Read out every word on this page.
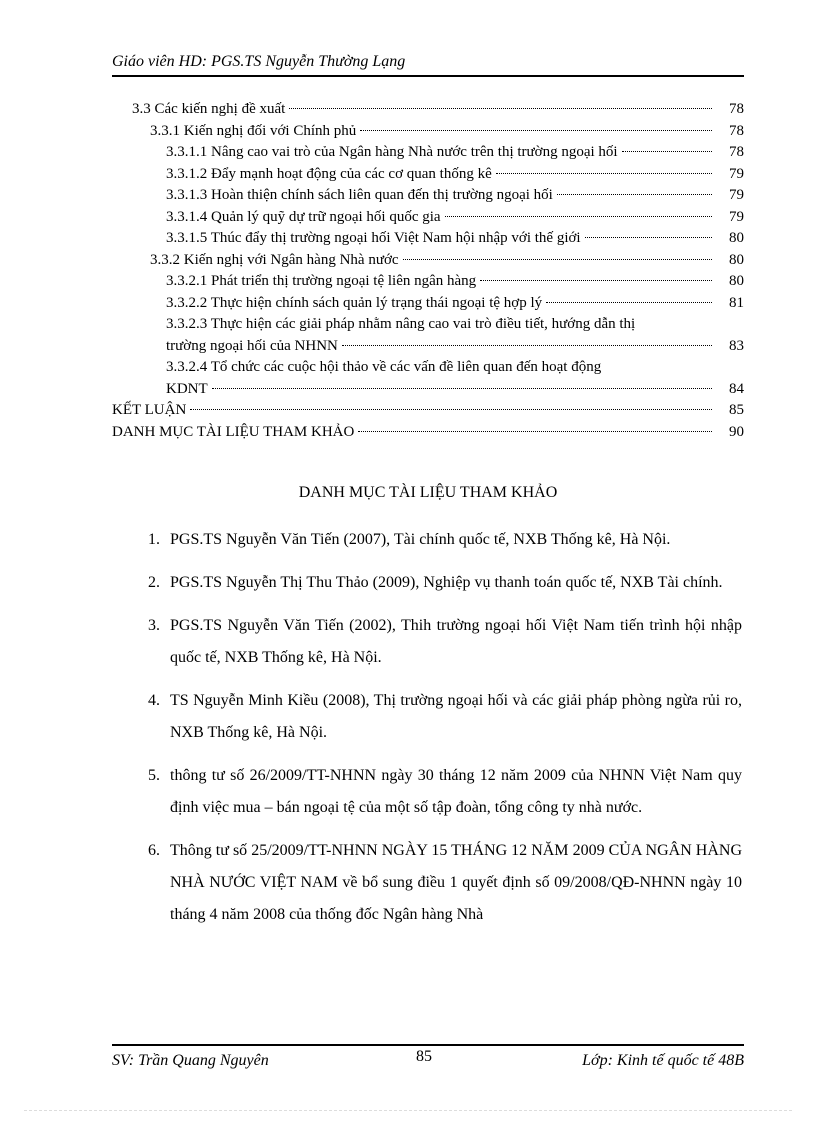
Giáo viên HD: PGS.TS Nguyễn Thường Lạng
3.3 Các kiến nghị đề xuất	78
3.3.1 Kiến nghị đối với Chính phủ	78
3.3.1.1 Nâng cao vai trò của Ngân hàng Nhà nước trên thị trường ngoại hối	78
3.3.1.2 Đẩy mạnh hoạt động của các cơ quan thống kê	79
3.3.1.3 Hoàn thiện chính sách liên quan đến thị trường ngoại hối	79
3.3.1.4 Quản lý quỹ dự trữ ngoại hối quốc gia	79
3.3.1.5 Thúc đẩy thị trường ngoại hối Việt Nam hội nhập với thế giới	80
3.3.2 Kiến nghị với Ngân hàng Nhà nước	80
3.3.2.1 Phát triển thị trường ngoại tệ liên ngân hàng	80
3.3.2.2 Thực hiện chính sách quản lý trạng thái ngoại tệ hợp lý	81
3.3.2.3 Thực hiện các giải pháp nhằm nâng cao vai trò điều tiết, hướng dẫn thị
trường ngoại hối của NHNN	83
3.3.2.4 Tổ chức các cuộc hội thảo về các vấn đề liên quan đến hoạt động
KDNT	84
KẾT LUẬN	85
DANH MỤC TÀI LIỆU THAM KHẢO	90
DANH MỤC TÀI LIỆU THAM KHẢO
1. PGS.TS Nguyễn Văn Tiến (2007), Tài chính quốc tế, NXB Thống kê, Hà Nội.
2. PGS.TS Nguyễn Thị Thu Thảo (2009), Nghiệp vụ thanh toán quốc tế, NXB Tài chính.
3. PGS.TS Nguyễn Văn Tiến (2002), Thih trường ngoại hối Việt Nam tiến trình hội nhập quốc tế, NXB Thống kê, Hà Nội.
4. TS Nguyễn Minh Kiều (2008), Thị trường ngoại hối và các giải pháp phòng ngừa rủi ro, NXB Thống kê, Hà Nội.
5. thông tư số 26/2009/TT-NHNN ngày 30 tháng 12 năm 2009 của NHNN Việt Nam quy định việc mua – bán ngoại tệ của một số tập đoàn, tổng công ty nhà nước.
6. Thông tư số 25/2009/TT-NHNN NGÀY 15 THÁNG 12 NĂM 2009 CỦA NGÂN HÀNG NHÀ NƯỚC VIỆT NAM về bổ sung điều 1 quyết định số 09/2008/QĐ-NHNN ngày 10 tháng 4 năm 2008 của thống đốc Ngân hàng Nhà
SV: Trần Quang Nguyên	85	Lớp: Kinh tế quốc tế 48B
